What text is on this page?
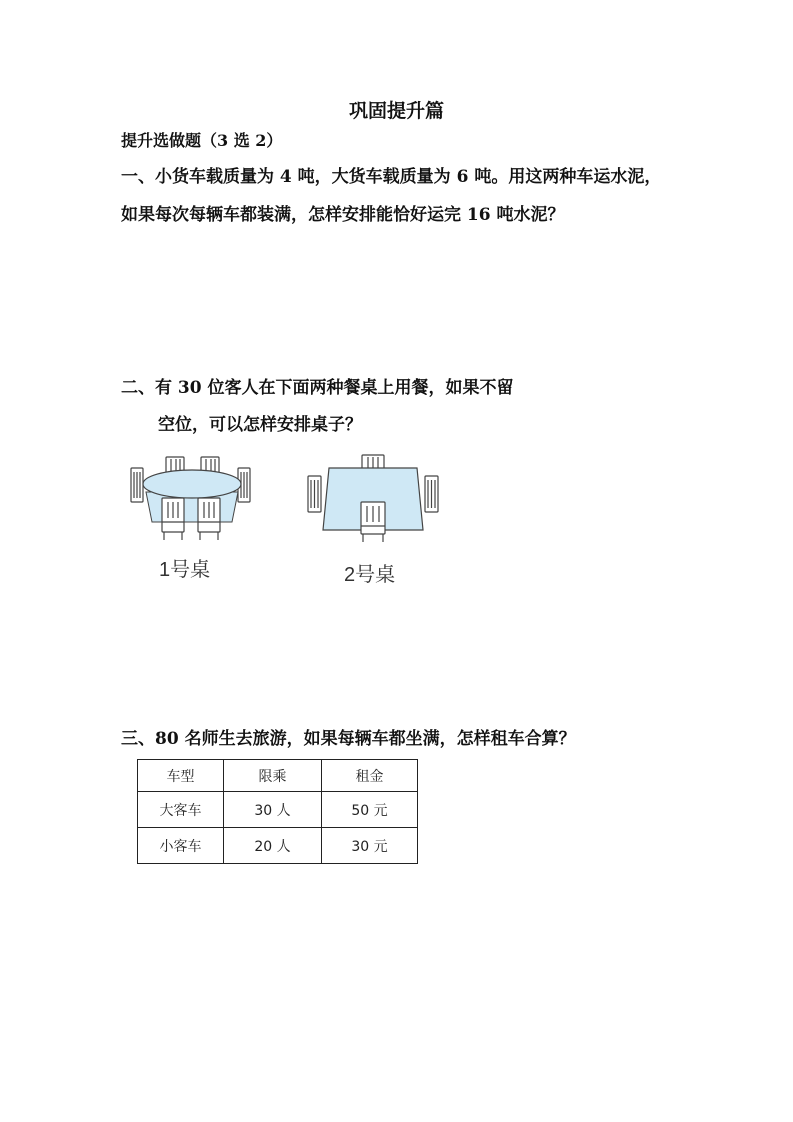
巩固提升篇
提升选做题（3 选 2）
一、小货车载质量为 4 吨，大货车载质量为 6 吨。用这两种车运水泥，
如果每次每辆车都装满，怎样安排能恰好运完 16 吨水泥？
二、有 30 位客人在下面两种餐桌上用餐，如果不留
空位，可以怎样安排桌子？
1号桌	2号桌
三、80 名师生去旅游，如果每辆车都坐满，怎样租车合算？
车型	限乘	租金
大客车	30 人	50 元
小客车	20 人	30 元
